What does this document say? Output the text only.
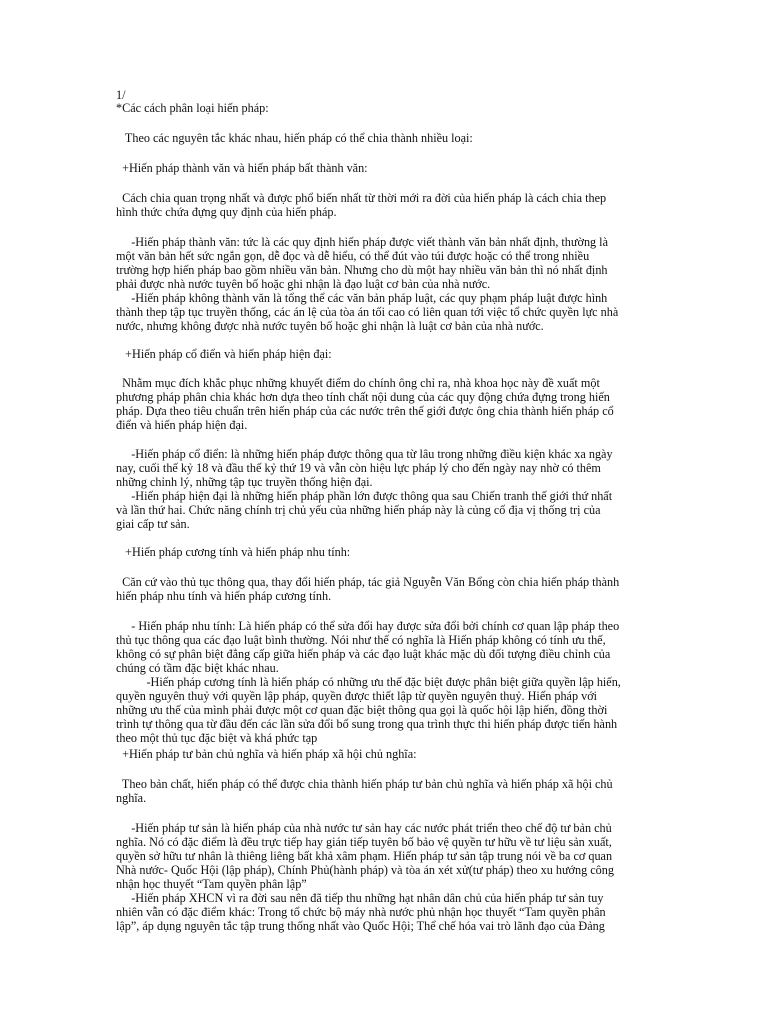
1/
*Các cách phân loại hiến pháp:
Theo các nguyên tắc khác nhau, hiến pháp có thể chia thành nhiều loại:
+Hiến pháp thành văn và hiến pháp bất thành văn:
Cách chia quan trọng nhất và được phổ biến nhất từ thời mới ra đời của hiến pháp là cách chia thep
hình thức chứa đựng quy định của hiến pháp.
-Hiến pháp thành văn: tức là các quy định hiến pháp được viết thành văn bản nhất định, thường là
một văn bản hết sức ngắn gọn, dễ đọc và dễ hiểu, có thể đút vào túi được hoặc có thể trong nhiều
trường hợp hiến pháp bao gồm nhiều văn bản. Nhưng cho dù một hay nhiều văn bản thì nó nhất định
phải được nhà nước tuyên bố hoặc ghi nhận là đạo luật cơ bản của nhà nước.
-Hiến pháp không thành văn là tổng thể các văn bản pháp luật, các quy phạm pháp luật được hình
thành thep tập tục truyền thống, các án lệ của tòa án tối cao có liên quan tới việc tổ chức quyền lực nhà
nước, nhưng không được nhà nước tuyên bố hoặc ghi nhận là luật cơ bản của nhà nước.
+Hiến pháp cổ điển và hiến pháp hiện đại:
Nhằm mục đích khắc phục những khuyết điểm do chính ông chỉ ra, nhà khoa học này đề xuất một
phương pháp phân chia khác hơn dựa theo tính chất nội dung của các quy động chứa đựng trong hiến
pháp. Dựa theo tiêu chuẩn trên hiến pháp của các nước trên thế giới được ông chia thành hiến pháp cổ
điển và hiến pháp hiện đại.
-Hiến pháp cổ điển: là những hiến pháp được thông qua từ lâu trong những điều kiện khác xa ngày
nay, cuối thế kỷ 18 và đầu thế kỷ thứ 19 và vẫn còn hiệu lực pháp lý cho đến ngày nay nhờ có thêm
những chỉnh lý, những tập tục truyền thống hiện đại.
-Hiến pháp hiện đại là những hiến pháp phần lớn được thông qua sau Chiến tranh thế giới thứ nhất
và lần thứ hai. Chức năng chính trị chủ yếu của những hiến pháp này là củng cố địa vị thống trị của
giai cấp tư sản.
+Hiến pháp cương tính và hiến pháp nhu tính:
Căn cứ vào thủ tục thông qua, thay đổi hiến pháp, tác giả Nguyễn Văn Bổng còn chia hiến pháp thành
hiến pháp nhu tính và hiến pháp cương tính.
- Hiến pháp nhu tính: Là hiến pháp có thể sửa đổi hay được sửa đổi bởi chính cơ quan lập pháp theo
thủ tục thông qua các đạo luật bình thường. Nói như thế có nghĩa là Hiến pháp không có tính ưu thế,
không có sự phân biệt đẳng cấp giữa hiến pháp và các đạo luật khác mặc dù đối tượng điều chỉnh của
chúng có tầm đặc biệt khác nhau.
-Hiến pháp cương tính là hiến pháp có những ưu thế đặc biệt được phân biệt giữa quyền lập hiến,
quyền nguyên thuỷ với quyền lập pháp, quyền được thiết lập từ quyền nguyên thuỷ. Hiến pháp với
những ưu thế của mình phải được một cơ quan đặc biệt thông qua gọi là quốc hội lập hiến, đồng thời
trình tự thông qua từ đầu đến các lần sửa đổi bổ sung trong qua trình thực thi hiến pháp được tiến hành
theo một thủ tục đặc biệt và khá phức tạp
+Hiến pháp tư bản chủ nghĩa và hiến pháp xã hội chủ nghĩa:
Theo bản chất, hiến pháp có thể được chia thành hiến pháp tư bản chủ nghĩa và hiến pháp xã hội chủ
nghĩa.
-Hiến pháp tư sản là hiến pháp của nhà nước tư sản hay các nước phát triển theo chế độ tư bản chủ
nghĩa. Nó có đặc điểm là đều trực tiếp hay gián tiếp tuyên bố bảo vệ quyền tư hữu về tư liệu sản xuất,
quyền sở hữu tư nhân là thiêng liêng bất khả xâm phạm. Hiến pháp tư sản tập trung nói về ba cơ quan
Nhà nước- Quốc Hội (lập pháp), Chính Phủ(hành pháp) và tòa án xét xử(tư pháp) theo xu hướng công
nhận học thuyết “Tam quyền phân lập”
-Hiến pháp XHCN vì ra đời sau nên đã tiếp thu những hạt nhân dân chủ của hiến pháp tư sản tuy
nhiên vẫn có đặc điểm khác: Trong tổ chức bộ máy nhà nước phủ nhận học thuyết “Tam quyền phân
lập”, áp dụng nguyên tắc tập trung thống nhất vào Quốc Hội; Thể chế hóa vai trò lãnh đạo của Đảng
